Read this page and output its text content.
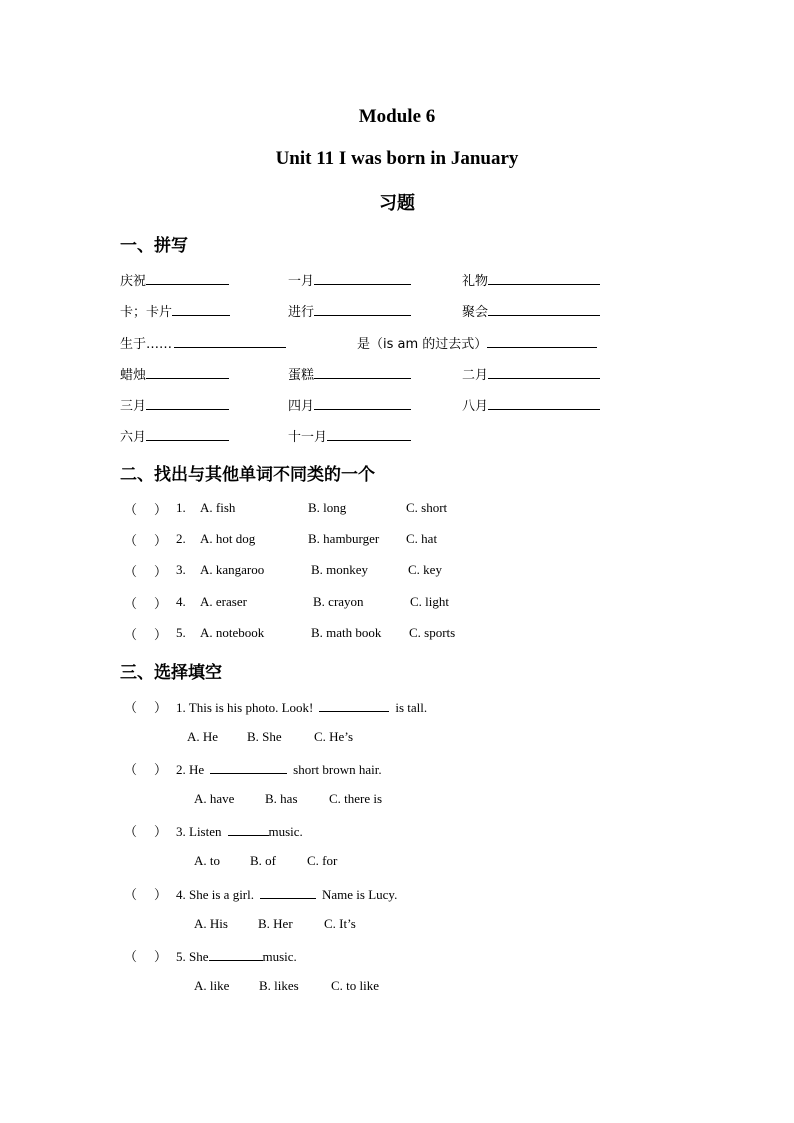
Module 6
Unit 11 I was born in January
习题
一、拼写
庆祝	一月	礼物
卡；卡片	进行	聚会
生于……	是（is am 的过去式）
蜡烛	蛋糕	二月
三月	四月	八月
六月	十一月
二、找出与其他单词不同类的一个
（ ） 1. A. fish	B. long	C. short
（ ） 2. A. hot dog	B. hamburger C. hat
（ ） 3. A. kangaroo	B. monkey	C. key
（ ） 4. A. eraser	B. crayon	C. light
（ ） 5. A. notebook	B. math book C. sports
三、选择填空
（ ） 1. This is his photo. Look!	is tall.
A. He B. She C. He’s
（ ） 2. He	short brown hair.
A. have B. has C. there is
（ ） 3. Listen	music.
A. to B. of C. for
（ ） 4. She is a girl.	Name is Lucy.
A. His B. Her C. It’s
（ ） 5. She	music.
A. like B. likes C. to like
